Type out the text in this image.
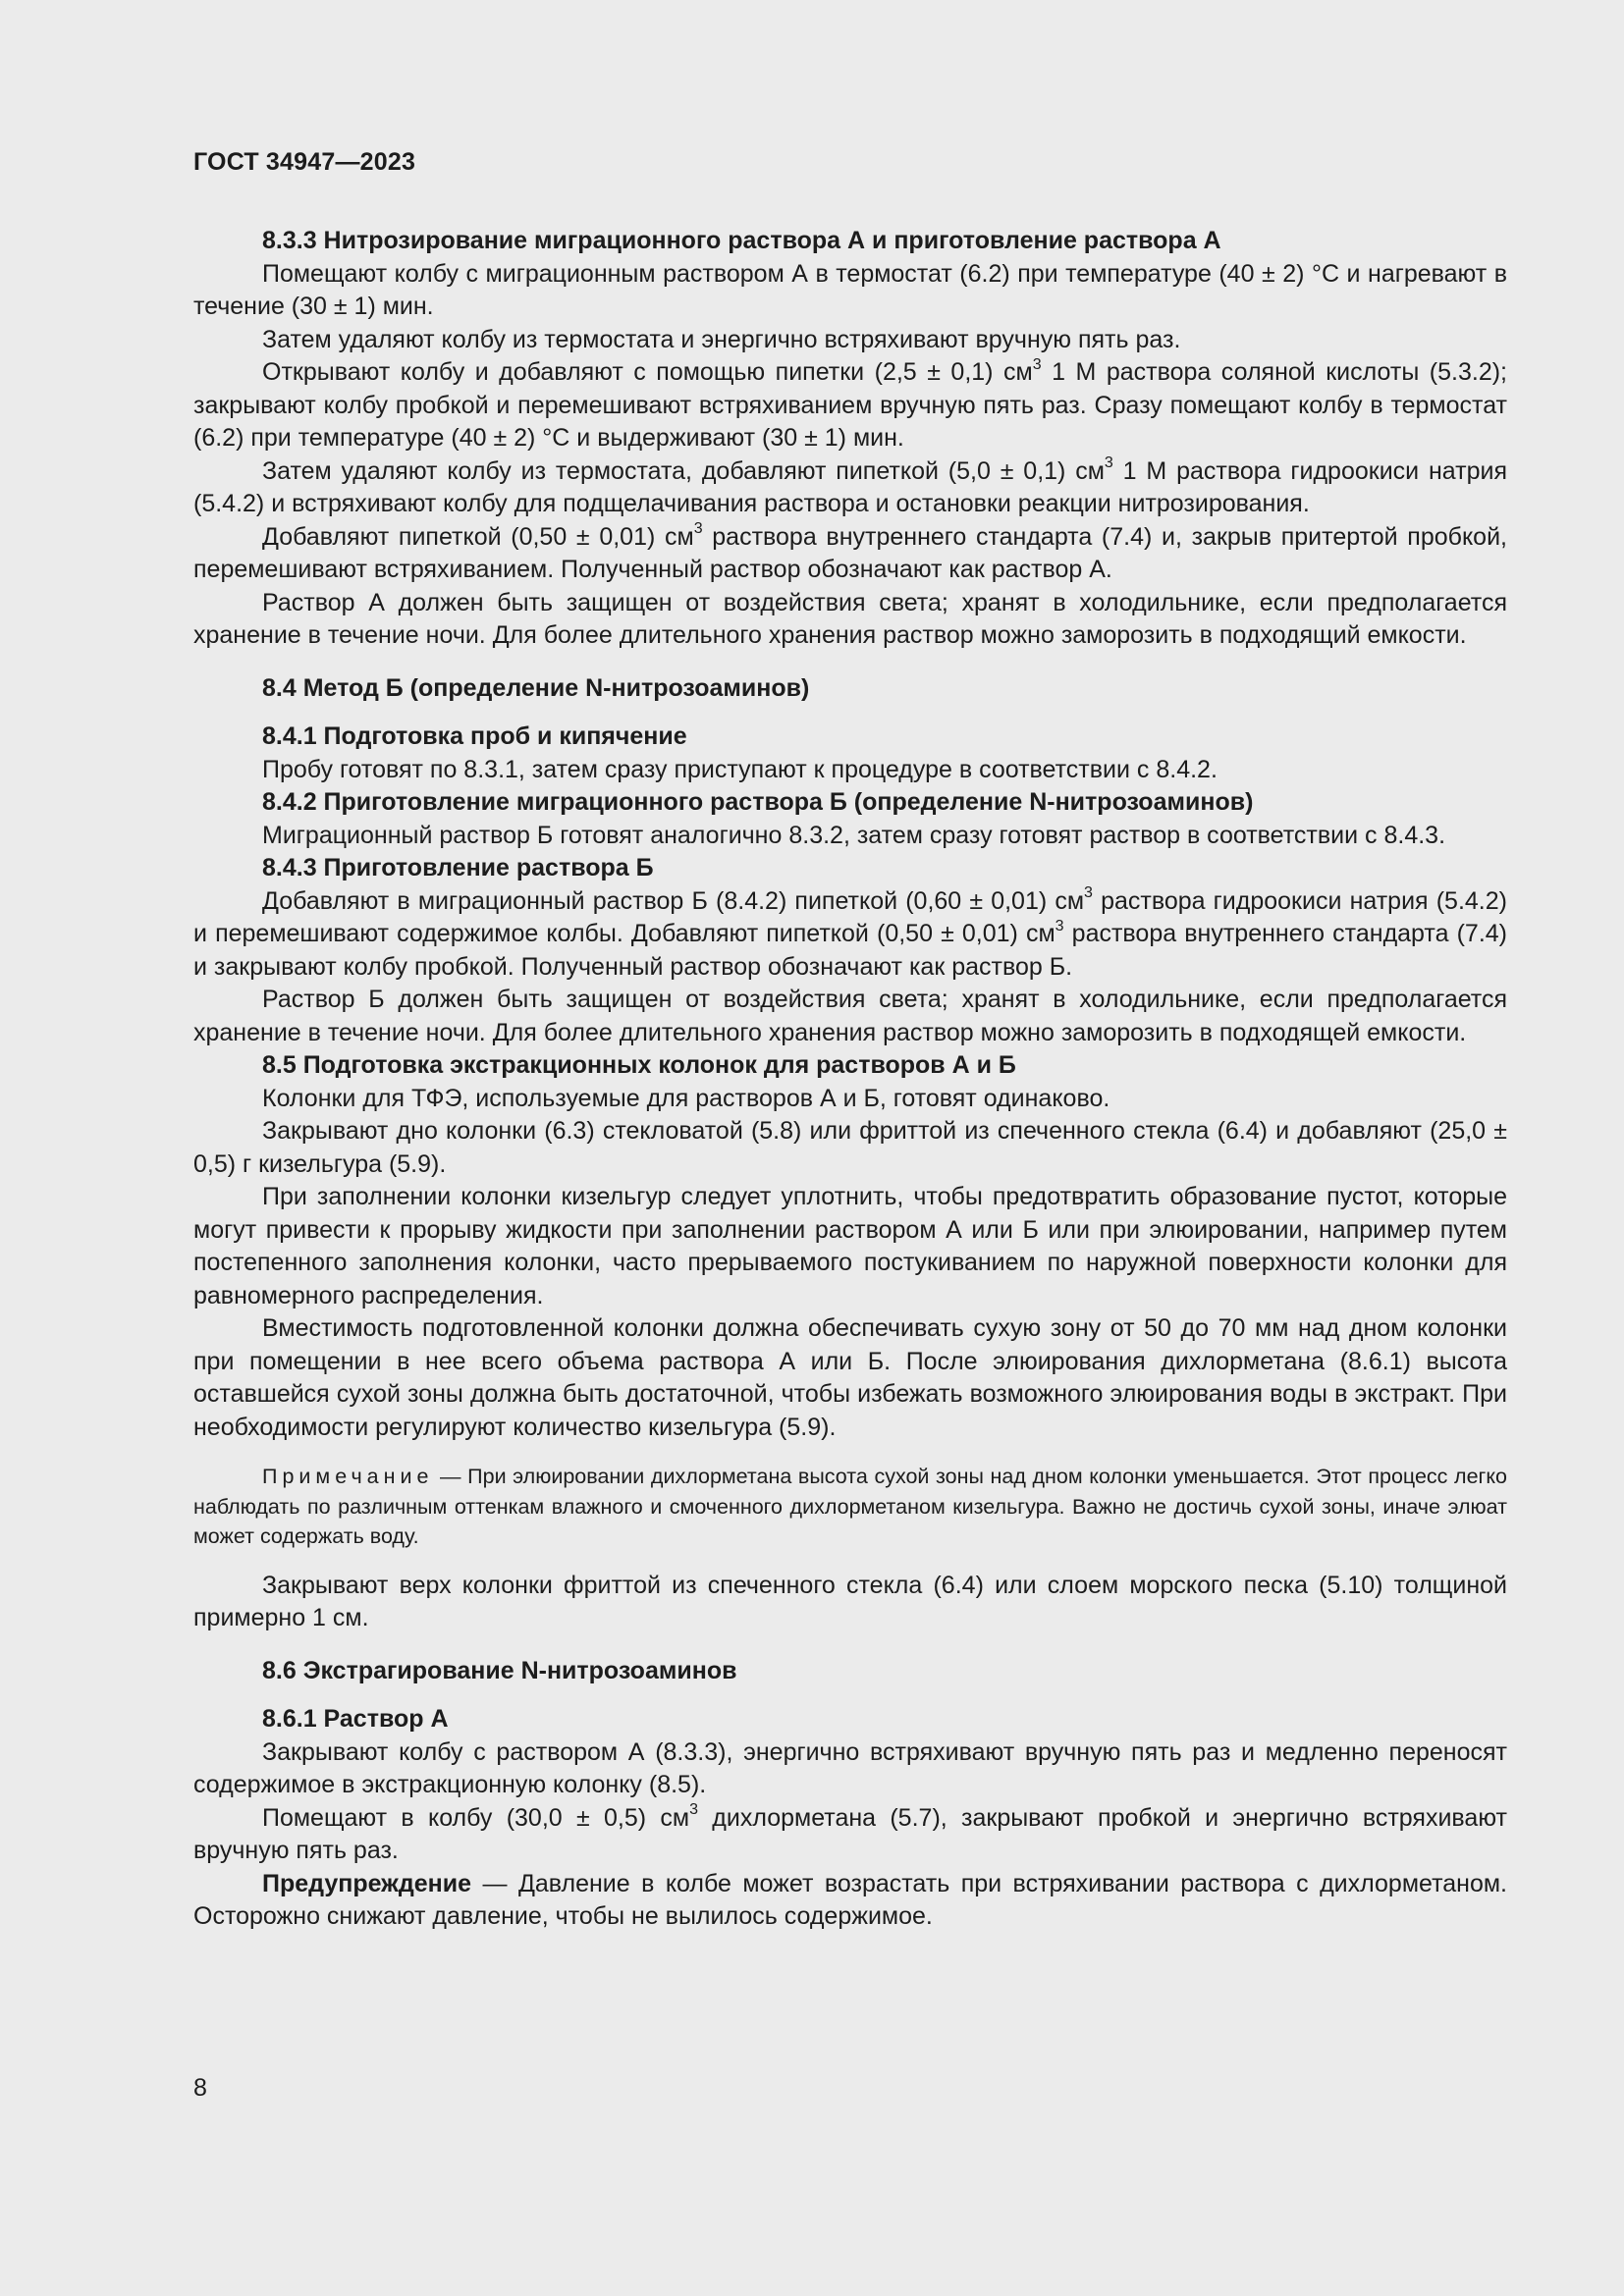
ГОСТ 34947—2023

8.3.3 Нитрозирование миграционного раствора А и приготовление раствора А

Помещают колбу с миграционным раствором А в термостат (6.2) при температуре (40 ± 2) °С и нагревают в течение (30 ± 1) мин.

Затем удаляют колбу из термостата и энергично встряхивают вручную пять раз.

Открывают колбу и добавляют с помощью пипетки (2,5 ± 0,1) $см^3$ 1 М раствора соляной кислоты (5.3.2); закрывают колбу пробкой и перемешивают встряхиванием вручную пять раз. Сразу помещают колбу в термостат (6.2) при температуре (40 ± 2) °С и выдерживают (30 ± 1) мин.

Затем удаляют колбу из термостата, добавляют пипеткой (5,0 ± 0,1) $см^3$ 1 М раствора гидроокиси натрия (5.4.2) и встряхивают колбу для подщелачивания раствора и остановки реакции нитрозирования.

Добавляют пипеткой (0,50 ± 0,01) $см^3$ раствора внутреннего стандарта (7.4) и, закрыв притертой пробкой, перемешивают встряхиванием. Полученный раствор обозначают как раствор А.

Раствор А должен быть защищен от воздействия света; хранят в холодильнике, если предполагается хранение в течение ночи. Для более длительного хранения раствор можно заморозить в подходящий емкости.

8.4 Метод Б (определение N-нитрозоаминов)

8.4.1 Подготовка проб и кипячение

Пробу готовят по 8.3.1, затем сразу приступают к процедуре в соответствии с 8.4.2.

8.4.2 Приготовление миграционного раствора Б (определение N-нитрозоаминов)

Миграционный раствор Б готовят аналогично 8.3.2, затем сразу готовят раствор в соответствии с 8.4.3.

8.4.3 Приготовление раствора Б

Добавляют в миграционный раствор Б (8.4.2) пипеткой (0,60 ± 0,01) $см^3$ раствора гидроокиси натрия (5.4.2) и перемешивают содержимое колбы. Добавляют пипеткой (0,50 ± 0,01) $см^3$ раствора внутреннего стандарта (7.4) и закрывают колбу пробкой. Полученный раствор обозначают как раствор Б.

Раствор Б должен быть защищен от воздействия света; хранят в холодильнике, если предполагается хранение в течение ночи. Для более длительного хранения раствор можно заморозить в подходящей емкости.

8.5 Подготовка экстракционных колонок для растворов А и Б

Колонки для ТФЭ, используемые для растворов А и Б, готовят одинаково.

Закрывают дно колонки (6.3) стекловатой (5.8) или фриттой из спеченного стекла (6.4) и добавляют (25,0 ± 0,5) г кизельгура (5.9).

При заполнении колонки кизельгур следует уплотнить, чтобы предотвратить образование пустот, которые могут привести к прорыву жидкости при заполнении раствором А или Б или при элюировании, например путем постепенного заполнения колонки, часто прерываемого постукиванием по наружной поверхности колонки для равномерного распределения.

Вместимость подготовленной колонки должна обеспечивать сухую зону от 50 до 70 мм над дном колонки при помещении в нее всего объема раствора А или Б. После элюирования дихлорметана (8.6.1) высота оставшейся сухой зоны должна быть достаточной, чтобы избежать возможного элюирования воды в экстракт. При необходимости регулируют количество кизельгура (5.9).

Примечание — При элюировании дихлорметана высота сухой зоны над дном колонки уменьшается. Этот процесс легко наблюдать по различным оттенкам влажного и смоченного дихлорметаном кизельгура. Важно не достичь сухой зоны, иначе элюат может содержать воду.

Закрывают верх колонки фриттой из спеченного стекла (6.4) или слоем морского песка (5.10) толщиной примерно 1 см.

8.6 Экстрагирование N-нитрозоаминов

8.6.1 Раствор А

Закрывают колбу с раствором А (8.3.3), энергично встряхивают вручную пять раз и медленно переносят содержимое в экстракционную колонку (8.5).

Помещают в колбу (30,0 ± 0,5) $см^3$ дихлорметана (5.7), закрывают пробкой и энергично встряхивают вручную пять раз.

Предупреждение — Давление в колбе может возрастать при встряхивании раствора с дихлорметаном. Осторожно снижают давление, чтобы не вылилось содержимое.

8
